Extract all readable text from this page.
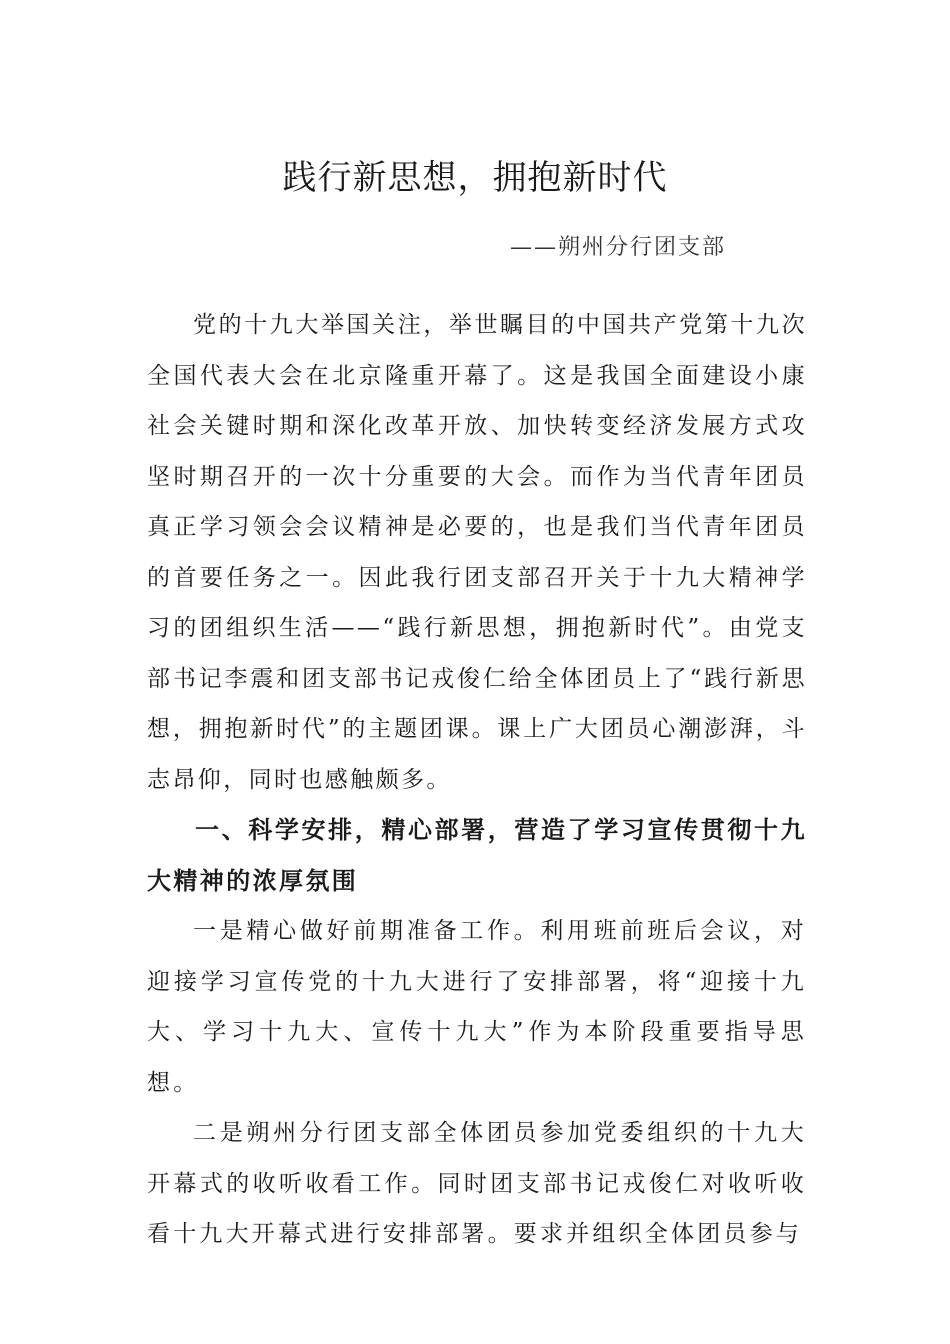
践行新思想，拥抱新时代
——朔州分行团支部

党的十九大举国关注，举世瞩目的中国共产党第十九次全国代表大会在北京隆重开幕了。这是我国全面建设小康社会关键时期和深化改革开放、加快转变经济发展方式攻坚时期召开的一次十分重要的大会。而作为当代青年团员真正学习领会会议精神是必要的，也是我们当代青年团员的首要任务之一。因此我行团支部召开关于十九大精神学习的团组织生活——“践行新思想，拥抱新时代”。由党支部书记李震和团支部书记戎俊仁给全体团员上了“践行新思想，拥抱新时代”的主题团课。课上广大团员心潮澎湃，斗志昂仰，同时也感触颇多。

一、科学安排，精心部署，营造了学习宣传贯彻十九大精神的浓厚氛围

一是精心做好前期准备工作。利用班前班后会议，对迎接学习宣传党的十九大进行了安排部署，将“迎接十九大、学习十九大、宣传十九大”作为本阶段重要指导思想。

二是朔州分行团支部全体团员参加党委组织的十九大开幕式的收听收看工作。同时团支部书记戎俊仁对收听收看十九大开幕式进行安排部署。要求并组织全体团员参与
